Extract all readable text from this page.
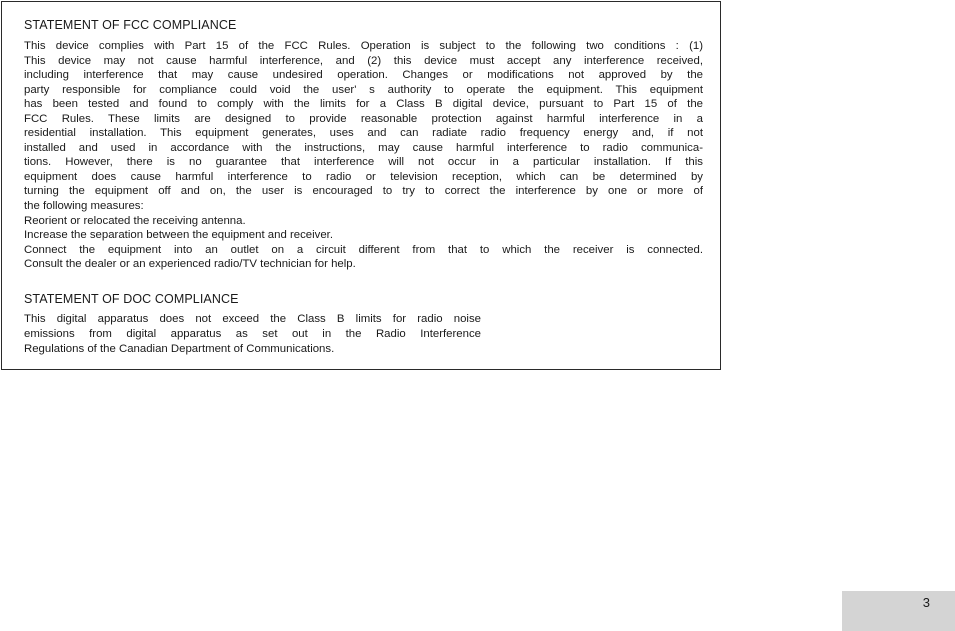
STATEMENT OF FCC COMPLIANCE
This device complies with Part 15 of the FCC Rules. Operation is subject to the following two conditions : (1)
This device may not cause harmful interference, and (2) this device must accept any interference received,
including interference that may cause undesired operation. Changes or modifications not approved by the
party responsible for compliance could void the user' s authority to operate the equipment. This equipment
has been tested and found to comply with the limits for a Class B digital device, pursuant to Part 15 of the
FCC Rules. These limits are designed to provide reasonable protection against harmful interference in a
residential installation. This equipment generates, uses and can radiate radio frequency energy and, if not
installed and used in accordance with the instructions, may cause harmful interference to radio communica-
tions. However, there is no guarantee that interference will not occur in a particular installation. If this
equipment does cause harmful interference to radio or television reception, which can be determined by
turning the equipment off and on, the user is encouraged to try to correct the interference by one or more of
the following measures:
Reorient or relocated the receiving antenna.
Increase the separation between the equipment and receiver.
Connect the equipment into an outlet on a circuit different from that to which the receiver is connected.
Consult the dealer or an experienced radio/TV technician for help.
STATEMENT OF DOC COMPLIANCE
This digital apparatus does not exceed the Class B limits for radio noise
emissions from digital apparatus as set out in the Radio Interference
Regulations of the Canadian Department of Communications.
3
